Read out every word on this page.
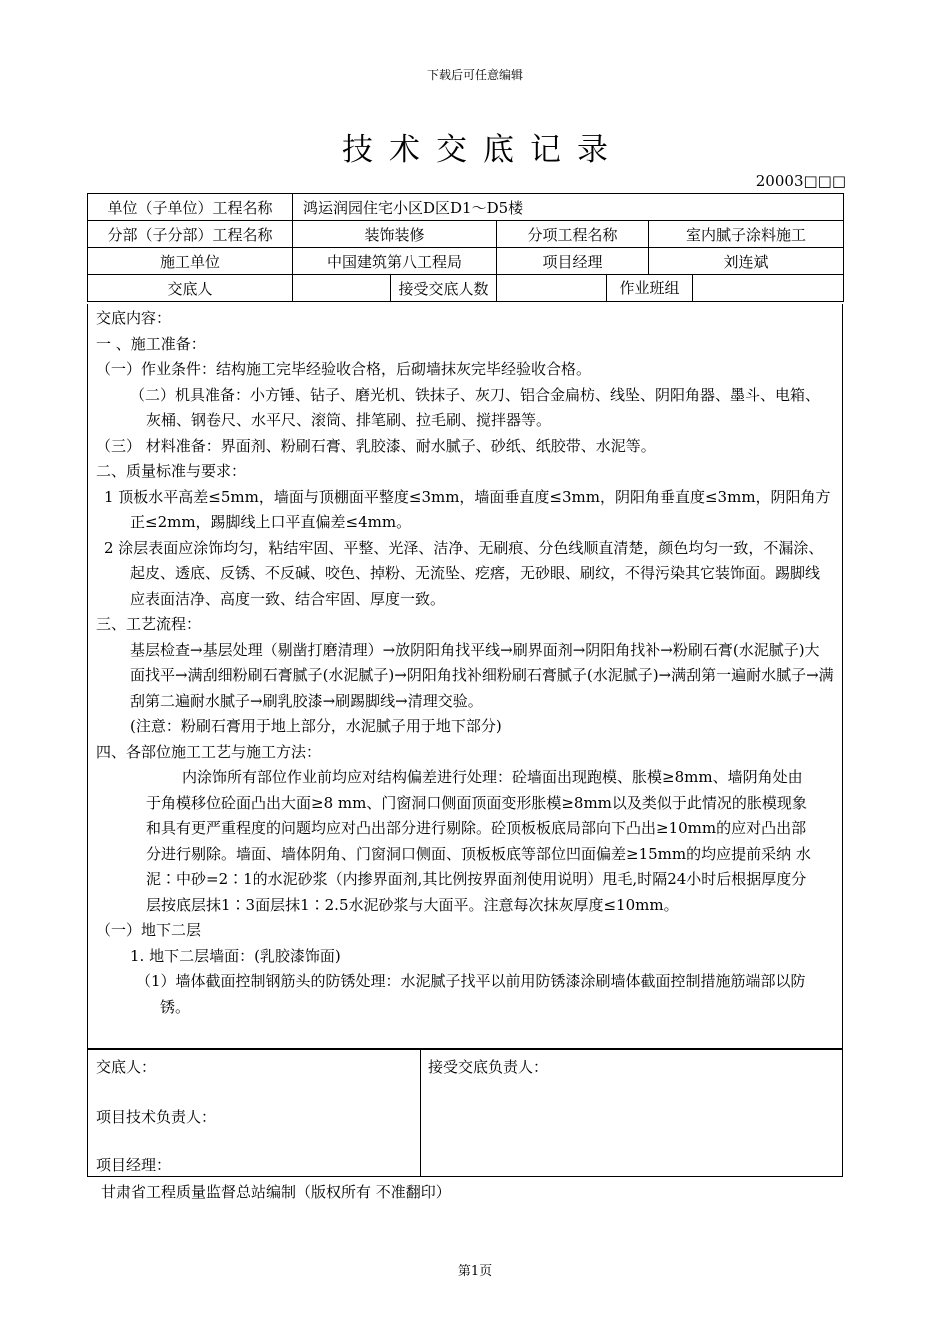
下载后可任意编辑
技术交底记录
20003□□□
单位（子单位）工程名称	鸿运润园住宅小区D区D1～D5楼				
分部（子分部）工程名称	装饰装修		分项工程名称		室内腻子涂料施工
施工单位	中国建筑第八工程局		项目经理		刘连斌
交底人		接受交底人数		作业班组	

交底内容：

一 、施工准备：

（一）作业条件：结构施工完毕经验收合格，后砌墙抹灰完毕经验收合格。

（二）机具准备：小方锤、钻子、磨光机、铁抹子、灰刀、铝合金扁枋、线坠、阴阳角器、墨斗、电箱、灰桶、钢卷尺、水平尺、滚筒、排笔刷、拉毛刷、搅拌器等。

（三） 材料准备：界面剂、粉刷石膏、乳胶漆、耐水腻子、砂纸、纸胶带、水泥等。

二、质量标准与要求：

1 顶板水平高差≤5mm，墙面与顶棚面平整度≤3mm，墙面垂直度≤3mm，阴阳角垂直度≤3mm，阴阳角方正≤2mm，踢脚线上口平直偏差≤4mm。

2 涂层表面应涂饰均匀，粘结牢固、平整、光泽、洁净、无刷痕、分色线顺直清楚，颜色均匀一致，不漏涂、起皮、透底、反锈、不反碱、咬色、掉粉、无流坠、疙瘩，无砂眼、刷纹，不得污染其它装饰面。踢脚线应表面洁净、高度一致、结合牢固、厚度一致。

三、工艺流程：

基层检查→基层处理（剔凿打磨清理）→放阴阳角找平线→刷界面剂→阴阳角找补→粉刷石膏(水泥腻子)大面找平→满刮细粉刷石膏腻子(水泥腻子)→阴阳角找补细粉刷石膏腻子(水泥腻子)→满刮第一遍耐水腻子→满刮第二遍耐水腻子→刷乳胶漆→刷踢脚线→清理交验。

(注意：粉刷石膏用于地上部分，水泥腻子用于地下部分)

四、各部位施工工艺与施工方法：

内涂饰所有部位作业前均应对结构偏差进行处理：砼墙面出现跑模、胀模≥8mm、墙阴角处由于角模移位砼面凸出大面≥8 mm、门窗洞口侧面顶面变形胀模≥8mm以及类似于此情况的胀模现象和具有更严重程度的问题均应对凸出部分进行剔除。砼顶板板底局部向下凸出≥10mm的应对凸出部分进行剔除。墙面、墙体阴角、门窗洞口侧面、顶板板底等部位凹面偏差≥15mm的均应提前采纳 水泥∶中砂=2∶1的水泥砂浆（内掺界面剂,其比例按界面剂使用说明）甩毛,时隔24小时后根据厚度分层按底层抹1∶3面层抹1∶2.5水泥砂浆与大面平。注意每次抹灰厚度≤10mm。

（一）地下二层

1. 地下二层墙面：(乳胶漆饰面)

（1）墙体截面控制钢筋头的防锈处理：水泥腻子找平以前用防锈漆涂刷墙体截面控制措施筋端部以防锈。

交底人：
项目技术负责人：
项目经理：
接受交底负责人：
甘肃省工程质量监督总站编制（版权所有 不准翻印）
第1页
